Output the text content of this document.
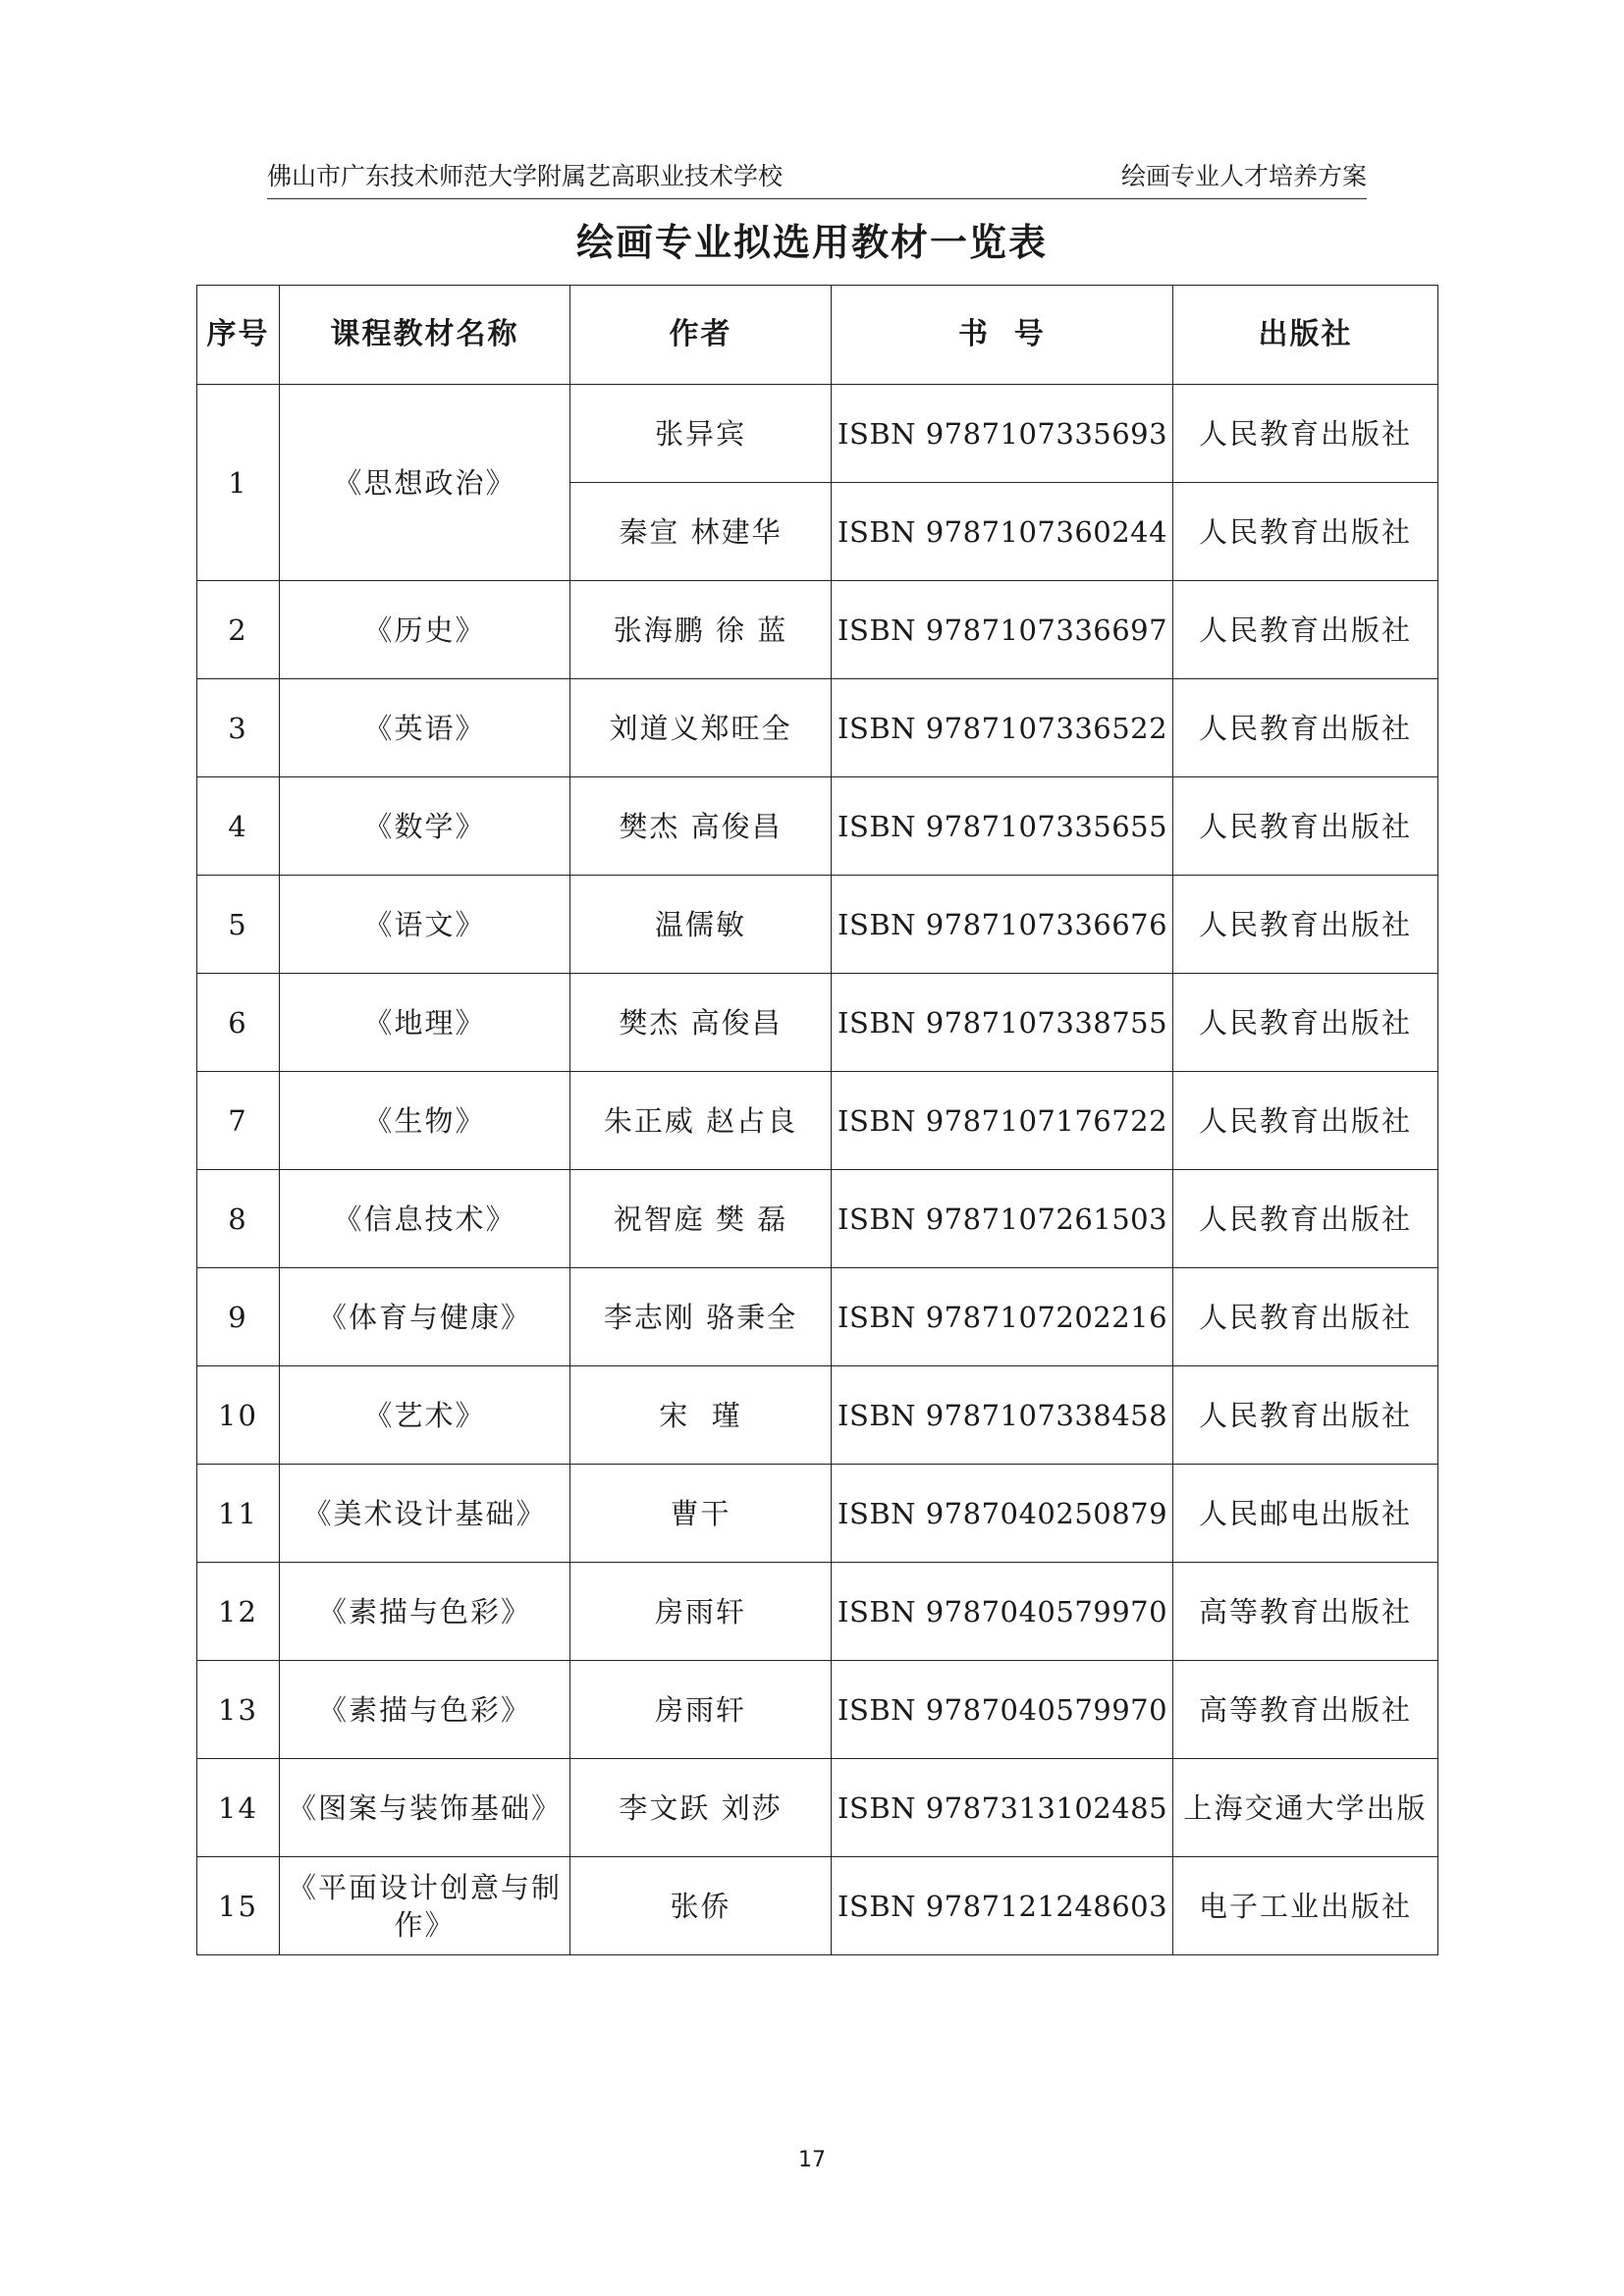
佛山市广东技术师范大学附属艺高职业技术学校	绘画专业人才培养方案
绘画专业拟选用教材一览表
序号	课程教材名称	作者	书  号	出版社
1	《思想政治》	张异宾	ISBN 9787107335693	人民教育出版社
		秦宣 林建华	ISBN 9787107360244	人民教育出版社
2	《历史》	张海鹏 徐 蓝	ISBN 9787107336697	人民教育出版社
3	《英语》	刘道义郑旺全	ISBN 9787107336522	人民教育出版社
4	《数学》	樊杰 高俊昌	ISBN 9787107335655	人民教育出版社
5	《语文》	温儒敏	ISBN 9787107336676	人民教育出版社
6	《地理》	樊杰 高俊昌	ISBN 9787107338755	人民教育出版社
7	《生物》	朱正威 赵占良	ISBN 9787107176722	人民教育出版社
8	《信息技术》	祝智庭 樊 磊	ISBN 9787107261503	人民教育出版社
9	《体育与健康》	李志刚 骆秉全	ISBN 9787107202216	人民教育出版社
10	《艺术》	宋  瑾	ISBN 9787107338458	人民教育出版社
11	《美术设计基础》	曹干	ISBN 9787040250879	人民邮电出版社
12	《素描与色彩》	房雨轩	ISBN 9787040579970	高等教育出版社
13	《素描与色彩》	房雨轩	ISBN 9787040579970	高等教育出版社
14	《图案与装饰基础》	李文跃 刘莎	ISBN 9787313102485	上海交通大学出版
15	《平面设计创意与制作》	张侨	ISBN 9787121248603	电子工业出版社
17
